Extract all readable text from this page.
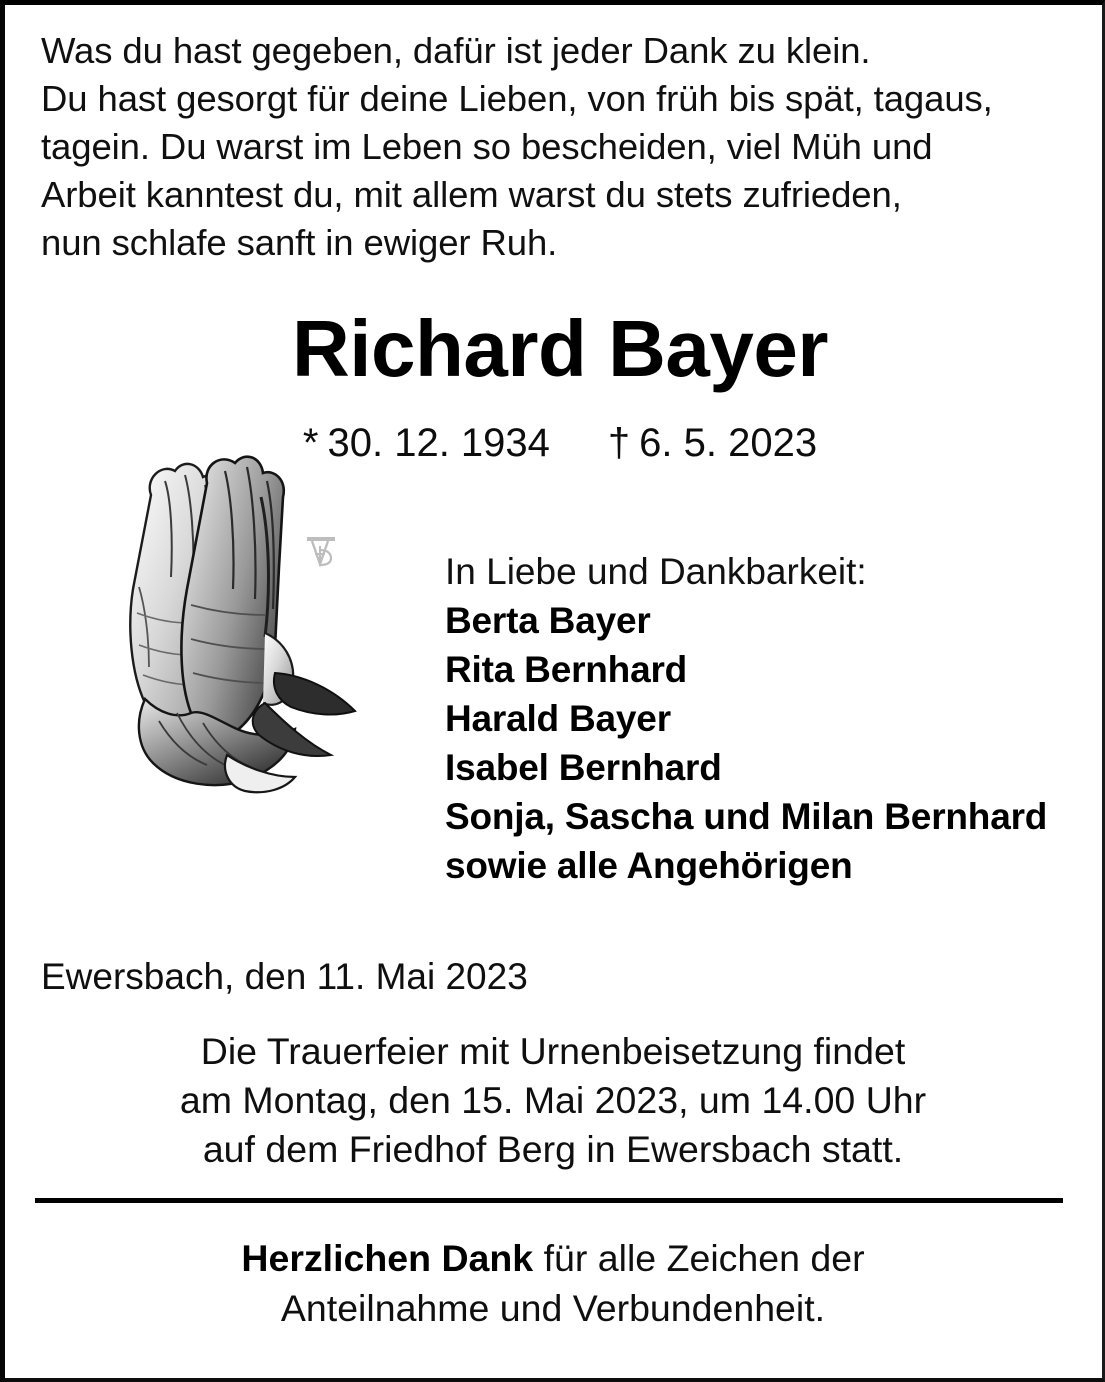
Was du hast gegeben, dafür ist jeder Dank zu klein.
Du hast gesorgt für deine Lieben, von früh bis spät, tagaus,
tagein. Du warst im Leben so bescheiden, viel Müh und
Arbeit kanntest du, mit allem warst du stets zufrieden,
nun schlafe sanft in ewiger Ruh.
Richard Bayer
* 30. 12. 1934 † 6. 5. 2023
In Liebe und Dankbarkeit:
Berta Bayer
Rita Bernhard
Harald Bayer
Isabel Bernhard
Sonja, Sascha und Milan Bernhard
sowie alle Angehörigen
Ewersbach, den 11. Mai 2023
Die Trauerfeier mit Urnenbeisetzung findet
am Montag, den 15. Mai 2023, um 14.00 Uhr
auf dem Friedhof Berg in Ewersbach statt.
Herzlichen Dank für alle Zeichen der
Anteilnahme und Verbundenheit.
